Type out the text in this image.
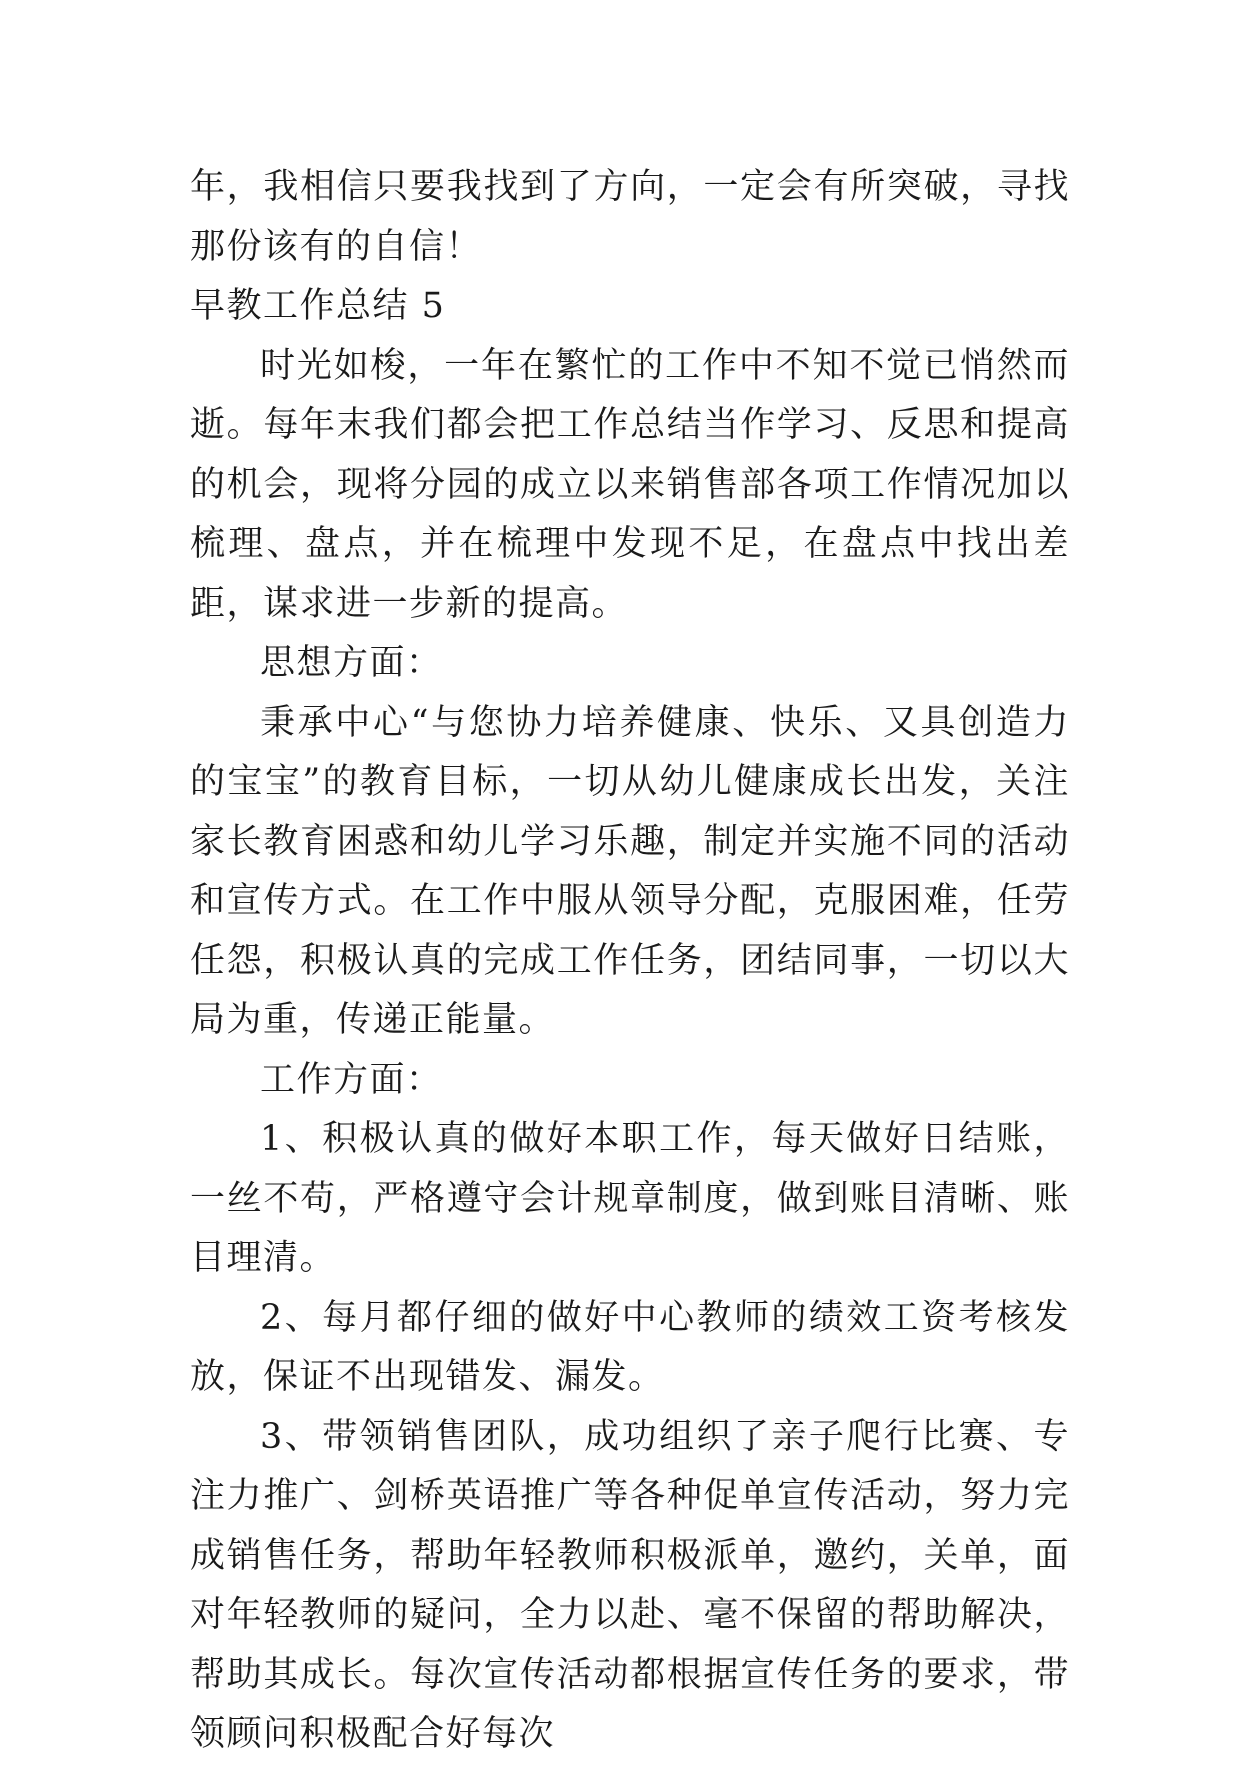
年，我相信只要我找到了方向，一定会有所突破，寻找那份该有的自信！

早教工作总结 5

时光如梭，一年在繁忙的工作中不知不觉已悄然而逝。每年末我们都会把工作总结当作学习、反思和提高的机会，现将分园的成立以来销售部各项工作情况加以梳理、盘点，并在梳理中发现不足，在盘点中找出差距，谋求进一步新的提高。

思想方面：

秉承中心“与您协力培养健康、快乐、又具创造力的宝宝”的教育目标，一切从幼儿健康成长出发，关注家长教育困惑和幼儿学习乐趣，制定并实施不同的活动和宣传方式。在工作中服从领导分配，克服困难，任劳任怨，积极认真的完成工作任务，团结同事，一切以大局为重，传递正能量。

工作方面：

1、积极认真的做好本职工作，每天做好日结账，一丝不苟，严格遵守会计规章制度，做到账目清晰、账目理清。

2、每月都仔细的做好中心教师的绩效工资考核发放，保证不出现错发、漏发。

3、带领销售团队，成功组织了亲子爬行比赛、专注力推广、剑桥英语推广等各种促单宣传活动，努力完成销售任务，帮助年轻教师积极派单，邀约，关单，面对年轻教师的疑问，全力以赴、毫不保留的帮助解决，帮助其成长。每次宣传活动都根据宣传任务的要求，带领顾问积极配合好每次
